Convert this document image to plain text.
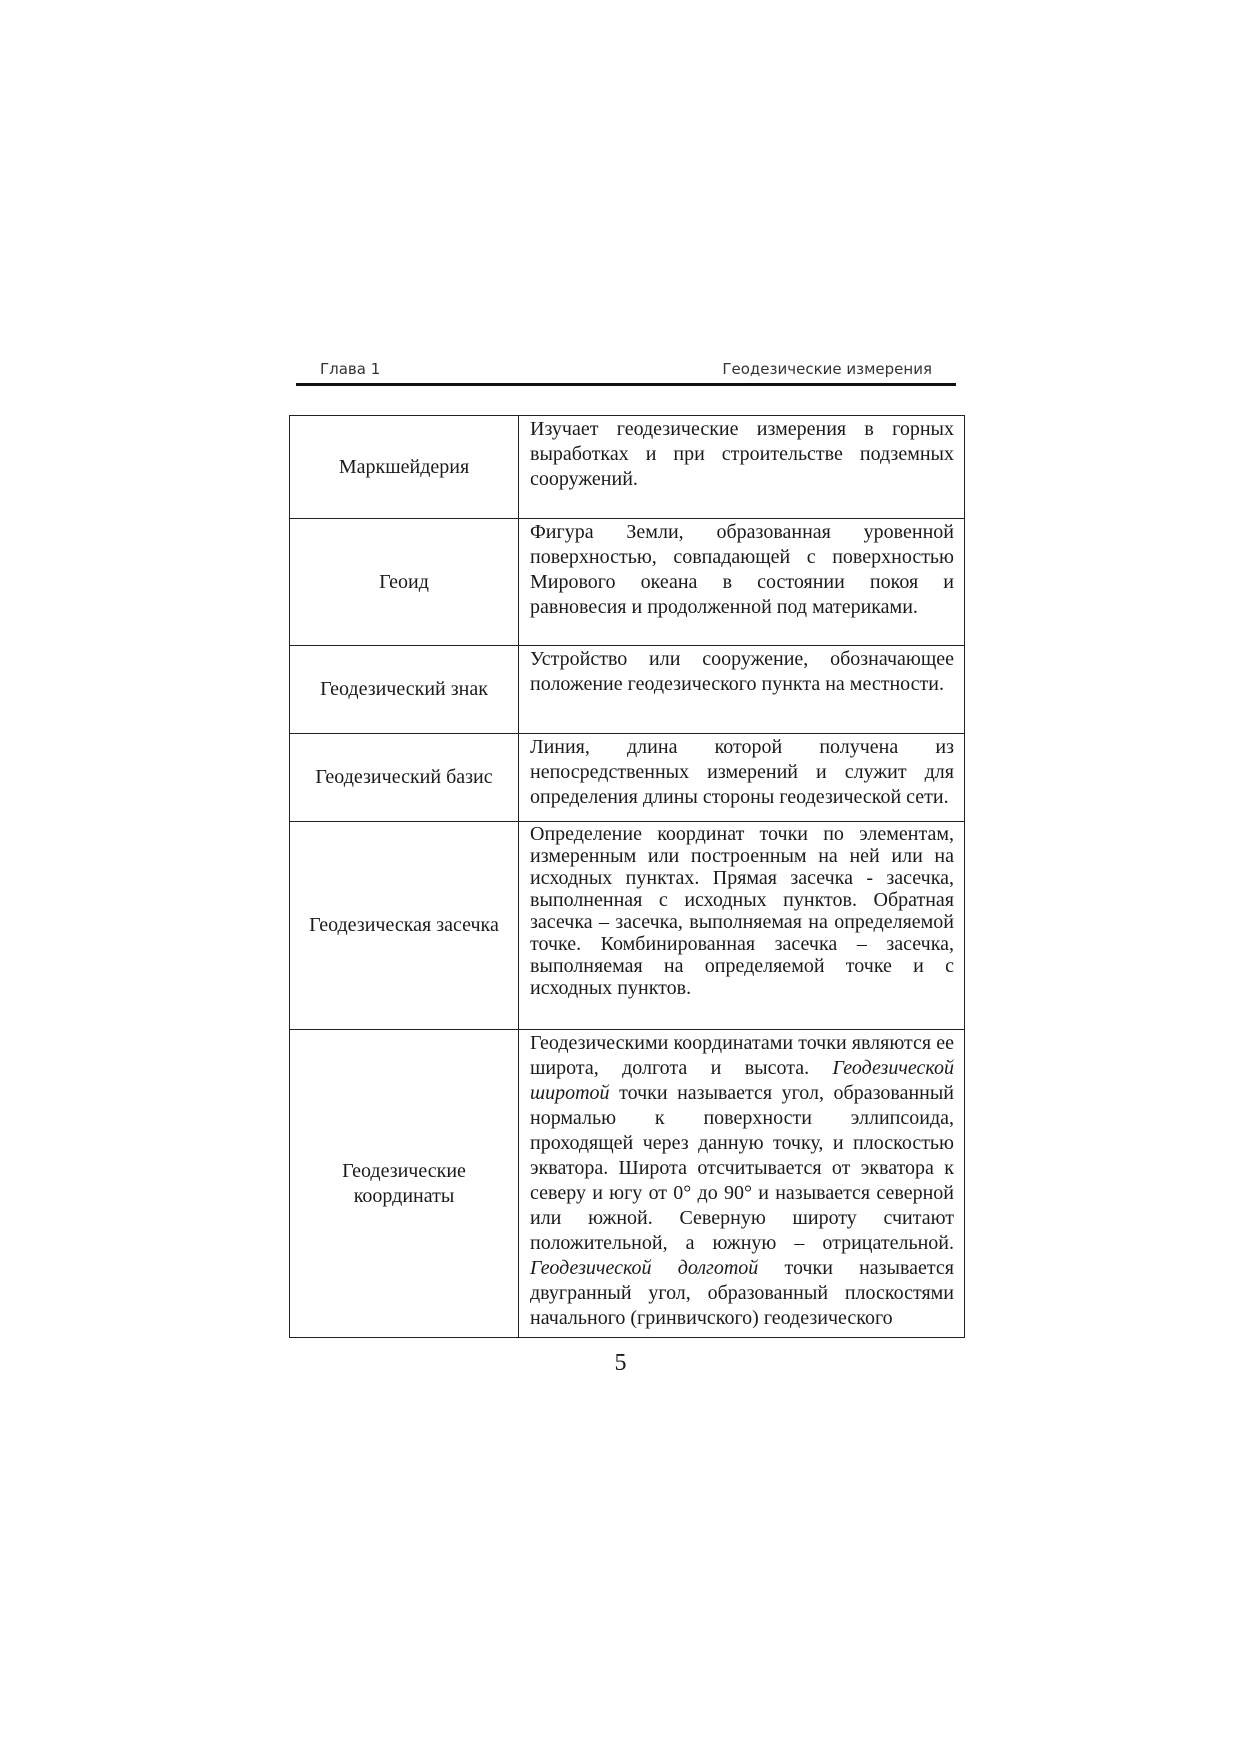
Глава 1	Геодезические измерения
Маркшейдерия	Изучает геодезические измерения в горных выработках и при строительстве подземных сооружений.
Геоид	Фигура Земли, образованная уровенной поверхностью, совпадающей с поверхностью Мирового океана в состоянии покоя и равновесия и продолженной под материками.
Геодезический знак	Устройство или сооружение, обозначающее положение геодезического пункта на местности.
Геодезический базис	Линия, длина которой получена из непосредственных измерений и служит для определения длины стороны геодезической сети.
Геодезическая засечка	Определение координат точки по элементам, измеренным или построенным на ней или на исходных пунктах. Прямая засечка - засечка, выполненная с исходных пунктов. Обратная засечка – засечка, выполняемая на определяемой точке. Комбинированная засечка – засечка, выполняемая на определяемой точке и с исходных пунктов.
Геодезические координаты	Геодезическими координатами точки являются ее широта, долгота и высота. Геодезической широтой точки называется угол, образованный нормалью к поверхности эллипсоида, проходящей через данную точку, и плоскостью экватора. Широта отсчитывается от экватора к северу и югу от 0° до 90° и называется северной или южной. Северную широту считают положительной, а южную – отрицательной. Геодезической долготой точки называется двугранный угол, образованный плоскостями начального (гринвичского) геодезического
5
